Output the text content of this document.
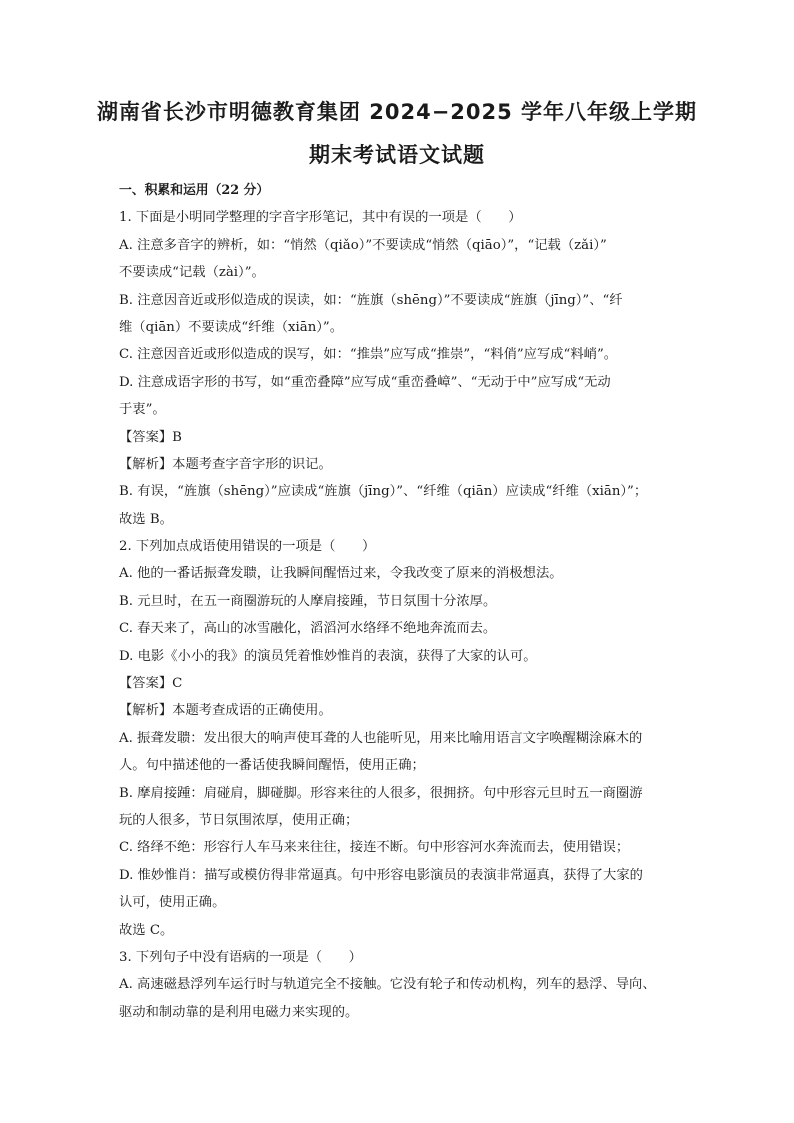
湖南省长沙市明德教育集团 2024−2025 学年八年级上学期
期末考试语文试题
一、积累和运用（22 分）
1. 下面是小明同学整理的字音字形笔记，其中有误的一项是（　　）
A. 注意多音字的辨析，如：“悄然（qiǎo）”不要读成“悄然（qiāo）”，“记载（zǎi）”
不要读成“记载（zài）”。
B. 注意因音近或形似造成的误读，如：“旌旗（shēng）”不要读成“旌旗（jīng）”、“纤
维（qiān）不要读成“纤维（xiān）”。
C. 注意因音近或形似造成的误写，如：“推祟”应写成“推崇”，“料俏”应写成“料峭”。
D. 注意成语字形的书写，如“重峦叠障”应写成“重峦叠嶂”、“无动于中”应写成“无动
于衷”。
【答案】B
【解析】本题考查字音字形的识记。
B. 有误，“旌旗（shēng）”应读成“旌旗（jīng）”、“纤维（qiān）应读成“纤维（xiān）”；
故选 B。
2. 下列加点成语使用错误的一项是（　　）
A. 他的一番话振聋发聩，让我瞬间醒悟过来，令我改变了原来的消极想法。
B. 元旦时，在五一商圈游玩的人摩肩接踵，节日氛围十分浓厚。
C. 春天来了，高山的冰雪融化，滔滔河水络绎不绝地奔流而去。
D. 电影《小小的我》的演员凭着惟妙惟肖的表演，获得了大家的认可。
【答案】C
【解析】本题考查成语的正确使用。
A. 振聋发聩：发出很大的响声使耳聋的人也能听见，用来比喻用语言文字唤醒糊涂麻木的
人。句中描述他的一番话使我瞬间醒悟，使用正确；
B. 摩肩接踵：肩碰肩，脚碰脚。形容来往的人很多，很拥挤。句中形容元旦时五一商圈游
玩的人很多，节日氛围浓厚，使用正确；
C. 络绎不绝：形容行人车马来来往往，接连不断。句中形容河水奔流而去，使用错误；
D. 惟妙惟肖：描写或模仿得非常逼真。句中形容电影演员的表演非常逼真，获得了大家的
认可，使用正确。
故选 C。
3. 下列句子中没有语病的一项是（　　）
A. 高速磁悬浮列车运行时与轨道完全不接触。它没有轮子和传动机构，列车的悬浮、导向、
驱动和制动靠的是利用电磁力来实现的。
